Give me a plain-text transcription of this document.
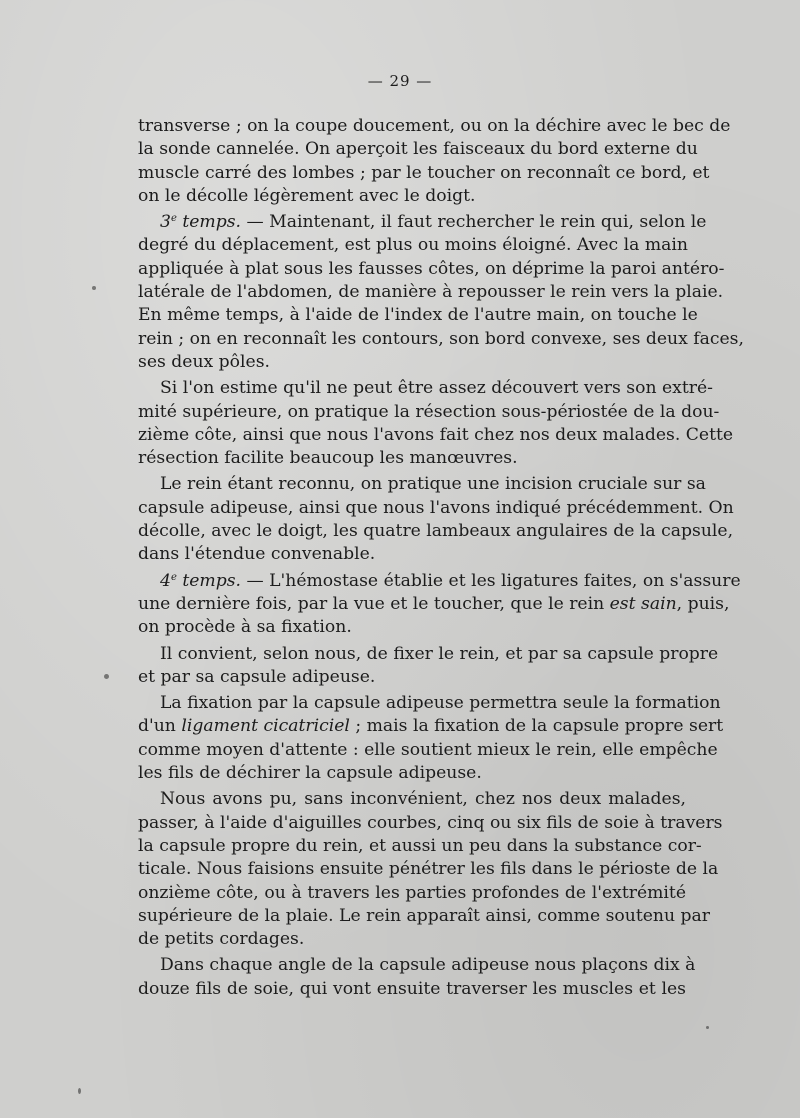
— 29 —
transverse ; on la coupe doucement, ou on la déchire avec le bec de
la sonde cannelée. On aperçoit les faisceaux du bord externe du
muscle carré des lombes ; par le toucher on reconnaît ce bord, et
on le décolle légèrement avec le doigt.
3e temps. — Maintenant, il faut rechercher le rein qui, selon le
degré du déplacement, est plus ou moins éloigné. Avec la main
appliquée à plat sous les fausses côtes, on déprime la paroi antéro-
latérale de l'abdomen, de manière à repousser le rein vers la plaie.
En même temps, à l'aide de l'index de l'autre main, on touche le
rein ; on en reconnaît les contours, son bord convexe, ses deux faces,
ses deux pôles.
Si l'on estime qu'il ne peut être assez découvert vers son extré-
mité supérieure, on pratique la résection sous-périostée de la dou-
zième côte, ainsi que nous l'avons fait chez nos deux malades. Cette
résection facilite beaucoup les manœuvres.
Le rein étant reconnu, on pratique une incision cruciale sur sa
capsule adipeuse, ainsi que nous l'avons indiqué précédemment. On
décolle, avec le doigt, les quatre lambeaux angulaires de la capsule,
dans l'étendue convenable.
4e temps. — L'hémostase établie et les ligatures faites, on s'assure
une dernière fois, par la vue et le toucher, que le rein est sain, puis,
on procède à sa fixation.
Il convient, selon nous, de fixer le rein, et par sa capsule propre
et par sa capsule adipeuse.
La fixation par la capsule adipeuse permettra seule la formation
d'un ligament cicatriciel ; mais la fixation de la capsule propre sert
comme moyen d'attente : elle soutient mieux le rein, elle empêche
les fils de déchirer la capsule adipeuse.
Nous avons pu, sans inconvénient, chez nos deux malades,
passer, à l'aide d'aiguilles courbes, cinq ou six fils de soie à travers
la capsule propre du rein, et aussi un peu dans la substance cor-
ticale. Nous faisions ensuite pénétrer les fils dans le périoste de la
onzième côte, ou à travers les parties profondes de l'extrémité
supérieure de la plaie. Le rein apparaît ainsi, comme soutenu par
de petits cordages.
Dans chaque angle de la capsule adipeuse nous plaçons dix à
douze fils de soie, qui vont ensuite traverser les muscles et les
